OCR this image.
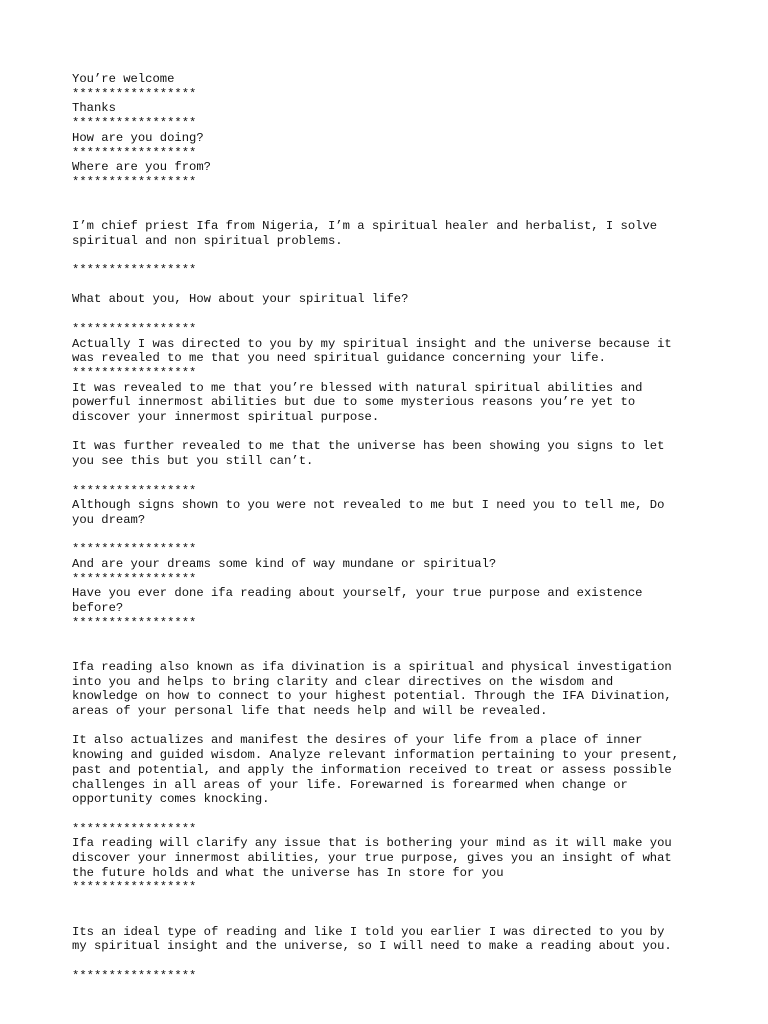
You’re welcome
*****************
Thanks
*****************
How are you doing?
*****************
Where are you from?
*****************
I’m chief priest Ifa from Nigeria, I’m a spiritual healer and herbalist, I solve
spiritual and non spiritual problems.
*****************
What about you, How about your spiritual life?
*****************
Actually I was directed to you by my spiritual insight and the universe because it
was revealed to me that you need spiritual guidance concerning your life.
*****************
It was revealed to me that you’re blessed with natural spiritual abilities and
powerful innermost abilities but due to some mysterious reasons you’re yet to
discover your innermost spiritual purpose.
It was further revealed to me that the universe has been showing you signs to let
you see this but you still can’t.
*****************
Although signs shown to you were not revealed to me but I need you to tell me, Do
you dream?
*****************
And are your dreams some kind of way mundane or spiritual?
*****************
Have you ever done ifa reading about yourself, your true purpose and existence
before?
*****************
Ifa reading also known as ifa divination is a spiritual and physical investigation
into you and helps to bring clarity and clear directives on the wisdom and
knowledge on how to connect to your highest potential. Through the IFA Divination,
areas of your personal life that needs help and will be revealed.
It also actualizes and manifest the desires of your life from a place of inner
knowing and guided wisdom. Analyze relevant information pertaining to your present,
past and potential, and apply the information received to treat or assess possible
challenges in all areas of your life. Forewarned is forearmed when change or
opportunity comes knocking.
*****************
Ifa reading will clarify any issue that is bothering your mind as it will make you
discover your innermost abilities, your true purpose, gives you an insight of what
the future holds and what the universe has In store for you
*****************
Its an ideal type of reading and like I told you earlier I was directed to you by
my spiritual insight and the universe, so I will need to make a reading about you.
*****************
